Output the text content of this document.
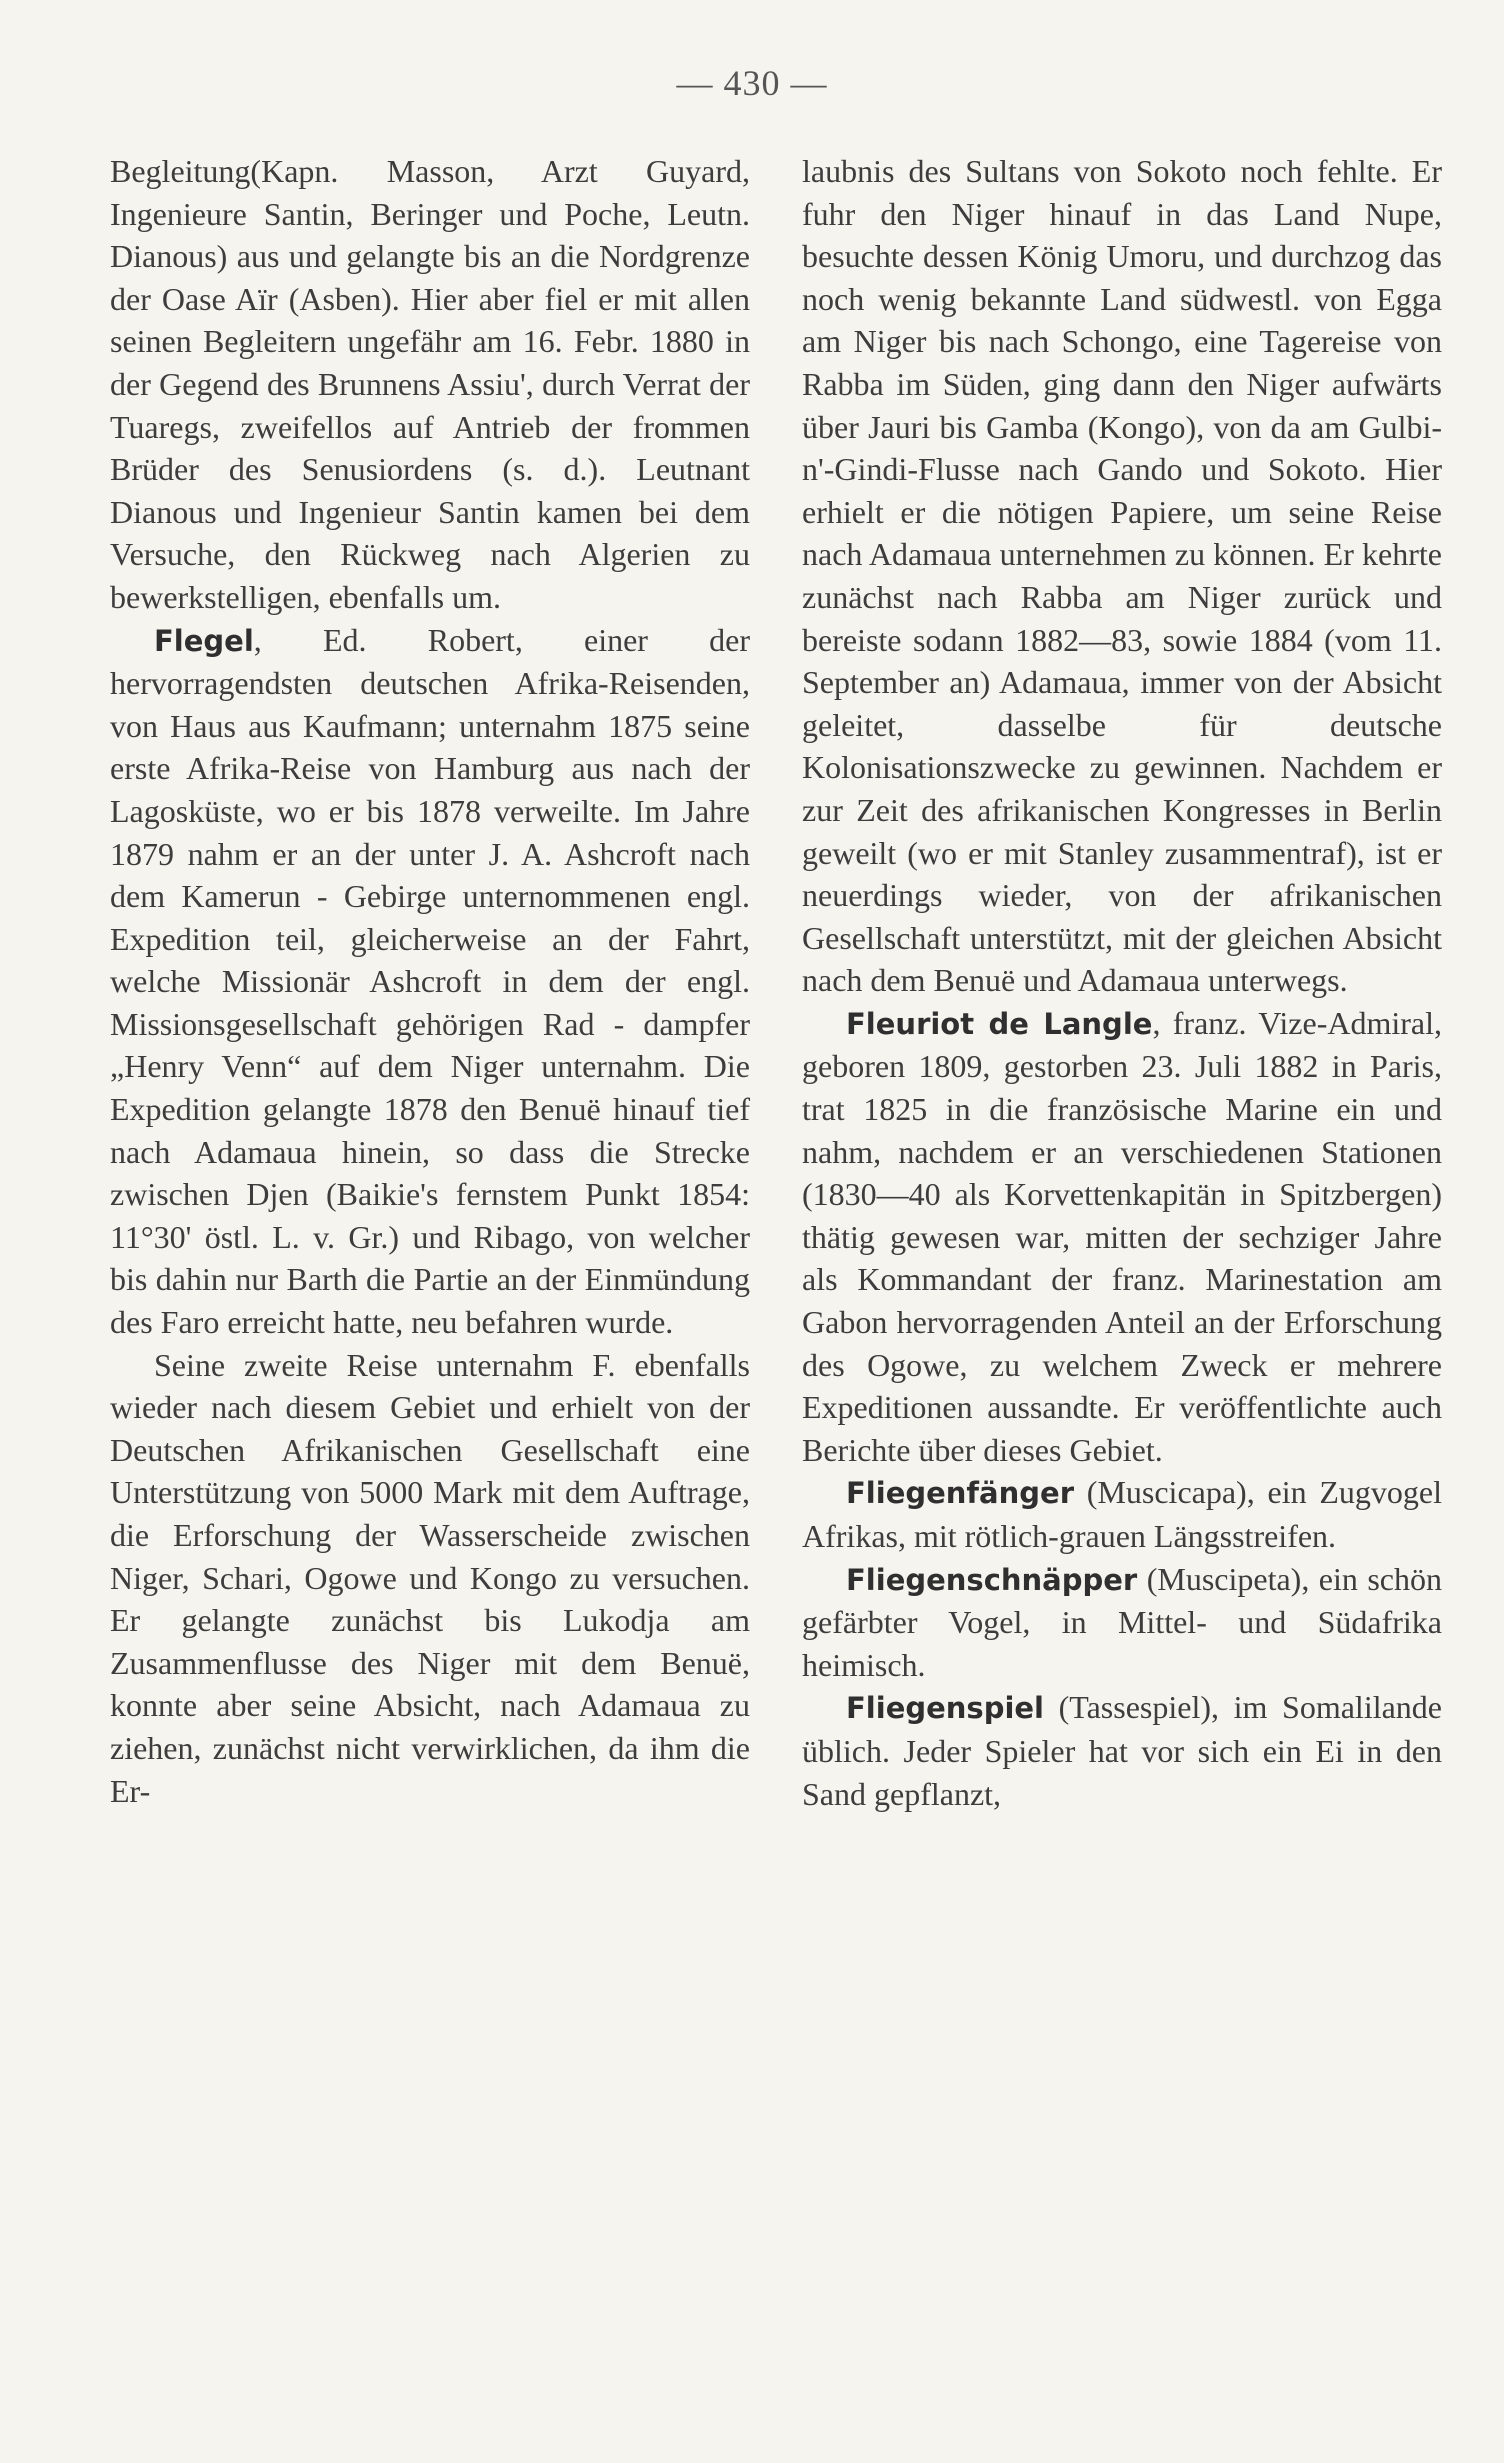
— 430 —

Begleitung(Kapn. Masson, Arzt Guyard, Ingenieure Santin, Beringer und Poche, Leutn. Dianous) aus und gelangte bis an die Nordgrenze der Oase Aïr (Asben). Hier aber fiel er mit allen seinen Begleitern ungefähr am 16. Febr. 1880 in der Gegend des Brunnens Assiu', durch Verrat der Tuaregs, zweifellos auf Antrieb der frommen Brüder des Senusiordens (s. d.). Leutnant Dianous und Ingenieur Santin kamen bei dem Versuche, den Rückweg nach Algerien zu bewerkstelligen, ebenfalls um.

Flegel, Ed. Robert, einer der hervorragendsten deutschen Afrika-Reisenden, von Haus aus Kaufmann; unternahm 1875 seine erste Afrika-Reise von Hamburg aus nach der Lagosküste, wo er bis 1878 verweilte. Im Jahre 1879 nahm er an der unter J. A. Ashcroft nach dem Kamerun - Gebirge unternommenen engl. Expedition teil, gleicherweise an der Fahrt, welche Missionär Ashcroft in dem der engl. Missionsgesellschaft gehörigen Rad - dampfer „Henry Venn“ auf dem Niger unternahm. Die Expedition gelangte 1878 den Benuë hinauf tief nach Adamaua hinein, so dass die Strecke zwischen Djen (Baikie's fernstem Punkt 1854: 11°30' östl. L. v. Gr.) und Ribago, von welcher bis dahin nur Barth die Partie an der Einmündung des Faro erreicht hatte, neu befahren wurde.

Seine zweite Reise unternahm F. ebenfalls wieder nach diesem Gebiet und erhielt von der Deutschen Afrikanischen Gesellschaft eine Unterstützung von 5000 Mark mit dem Auftrage, die Erforschung der Wasserscheide zwischen Niger, Schari, Ogowe und Kongo zu versuchen. Er gelangte zunächst bis Lukodja am Zusammenflusse des Niger mit dem Benuë, konnte aber seine Absicht, nach Adamaua zu ziehen, zunächst nicht verwirklichen, da ihm die Er-

laubnis des Sultans von Sokoto noch fehlte. Er fuhr den Niger hinauf in das Land Nupe, besuchte dessen König Umoru, und durchzog das noch wenig bekannte Land südwestl. von Egga am Niger bis nach Schongo, eine Tagereise von Rabba im Süden, ging dann den Niger aufwärts über Jauri bis Gamba (Kongo), von da am Gulbi-n'-Gindi-Flusse nach Gando und Sokoto. Hier erhielt er die nötigen Papiere, um seine Reise nach Adamaua unternehmen zu können. Er kehrte zunächst nach Rabba am Niger zurück und bereiste sodann 1882—83, sowie 1884 (vom 11. September an) Adamaua, immer von der Absicht geleitet, dasselbe für deutsche Kolonisationszwecke zu gewinnen. Nachdem er zur Zeit des afrikanischen Kongresses in Berlin geweilt (wo er mit Stanley zusammentraf), ist er neuerdings wieder, von der afrikanischen Gesellschaft unterstützt, mit der gleichen Absicht nach dem Benuë und Adamaua unterwegs.

Fleuriot de Langle, franz. Vize-Admiral, geboren 1809, gestorben 23. Juli 1882 in Paris, trat 1825 in die französische Marine ein und nahm, nachdem er an verschiedenen Stationen (1830—40 als Korvettenkapitän in Spitzbergen) thätig gewesen war, mitten der sechziger Jahre als Kommandant der franz. Marinestation am Gabon hervorragenden Anteil an der Erforschung des Ogowe, zu welchem Zweck er mehrere Expeditionen aussandte. Er veröffentlichte auch Berichte über dieses Gebiet.

Fliegenfänger (Muscicapa), ein Zugvogel Afrikas, mit rötlich-grauen Längsstreifen.

Fliegenschnäpper (Muscipeta), ein schön gefärbter Vogel, in Mittel- und Südafrika heimisch.

Fliegenspiel (Tassespiel), im Somalilande üblich. Jeder Spieler hat vor sich ein Ei in den Sand gepflanzt,
